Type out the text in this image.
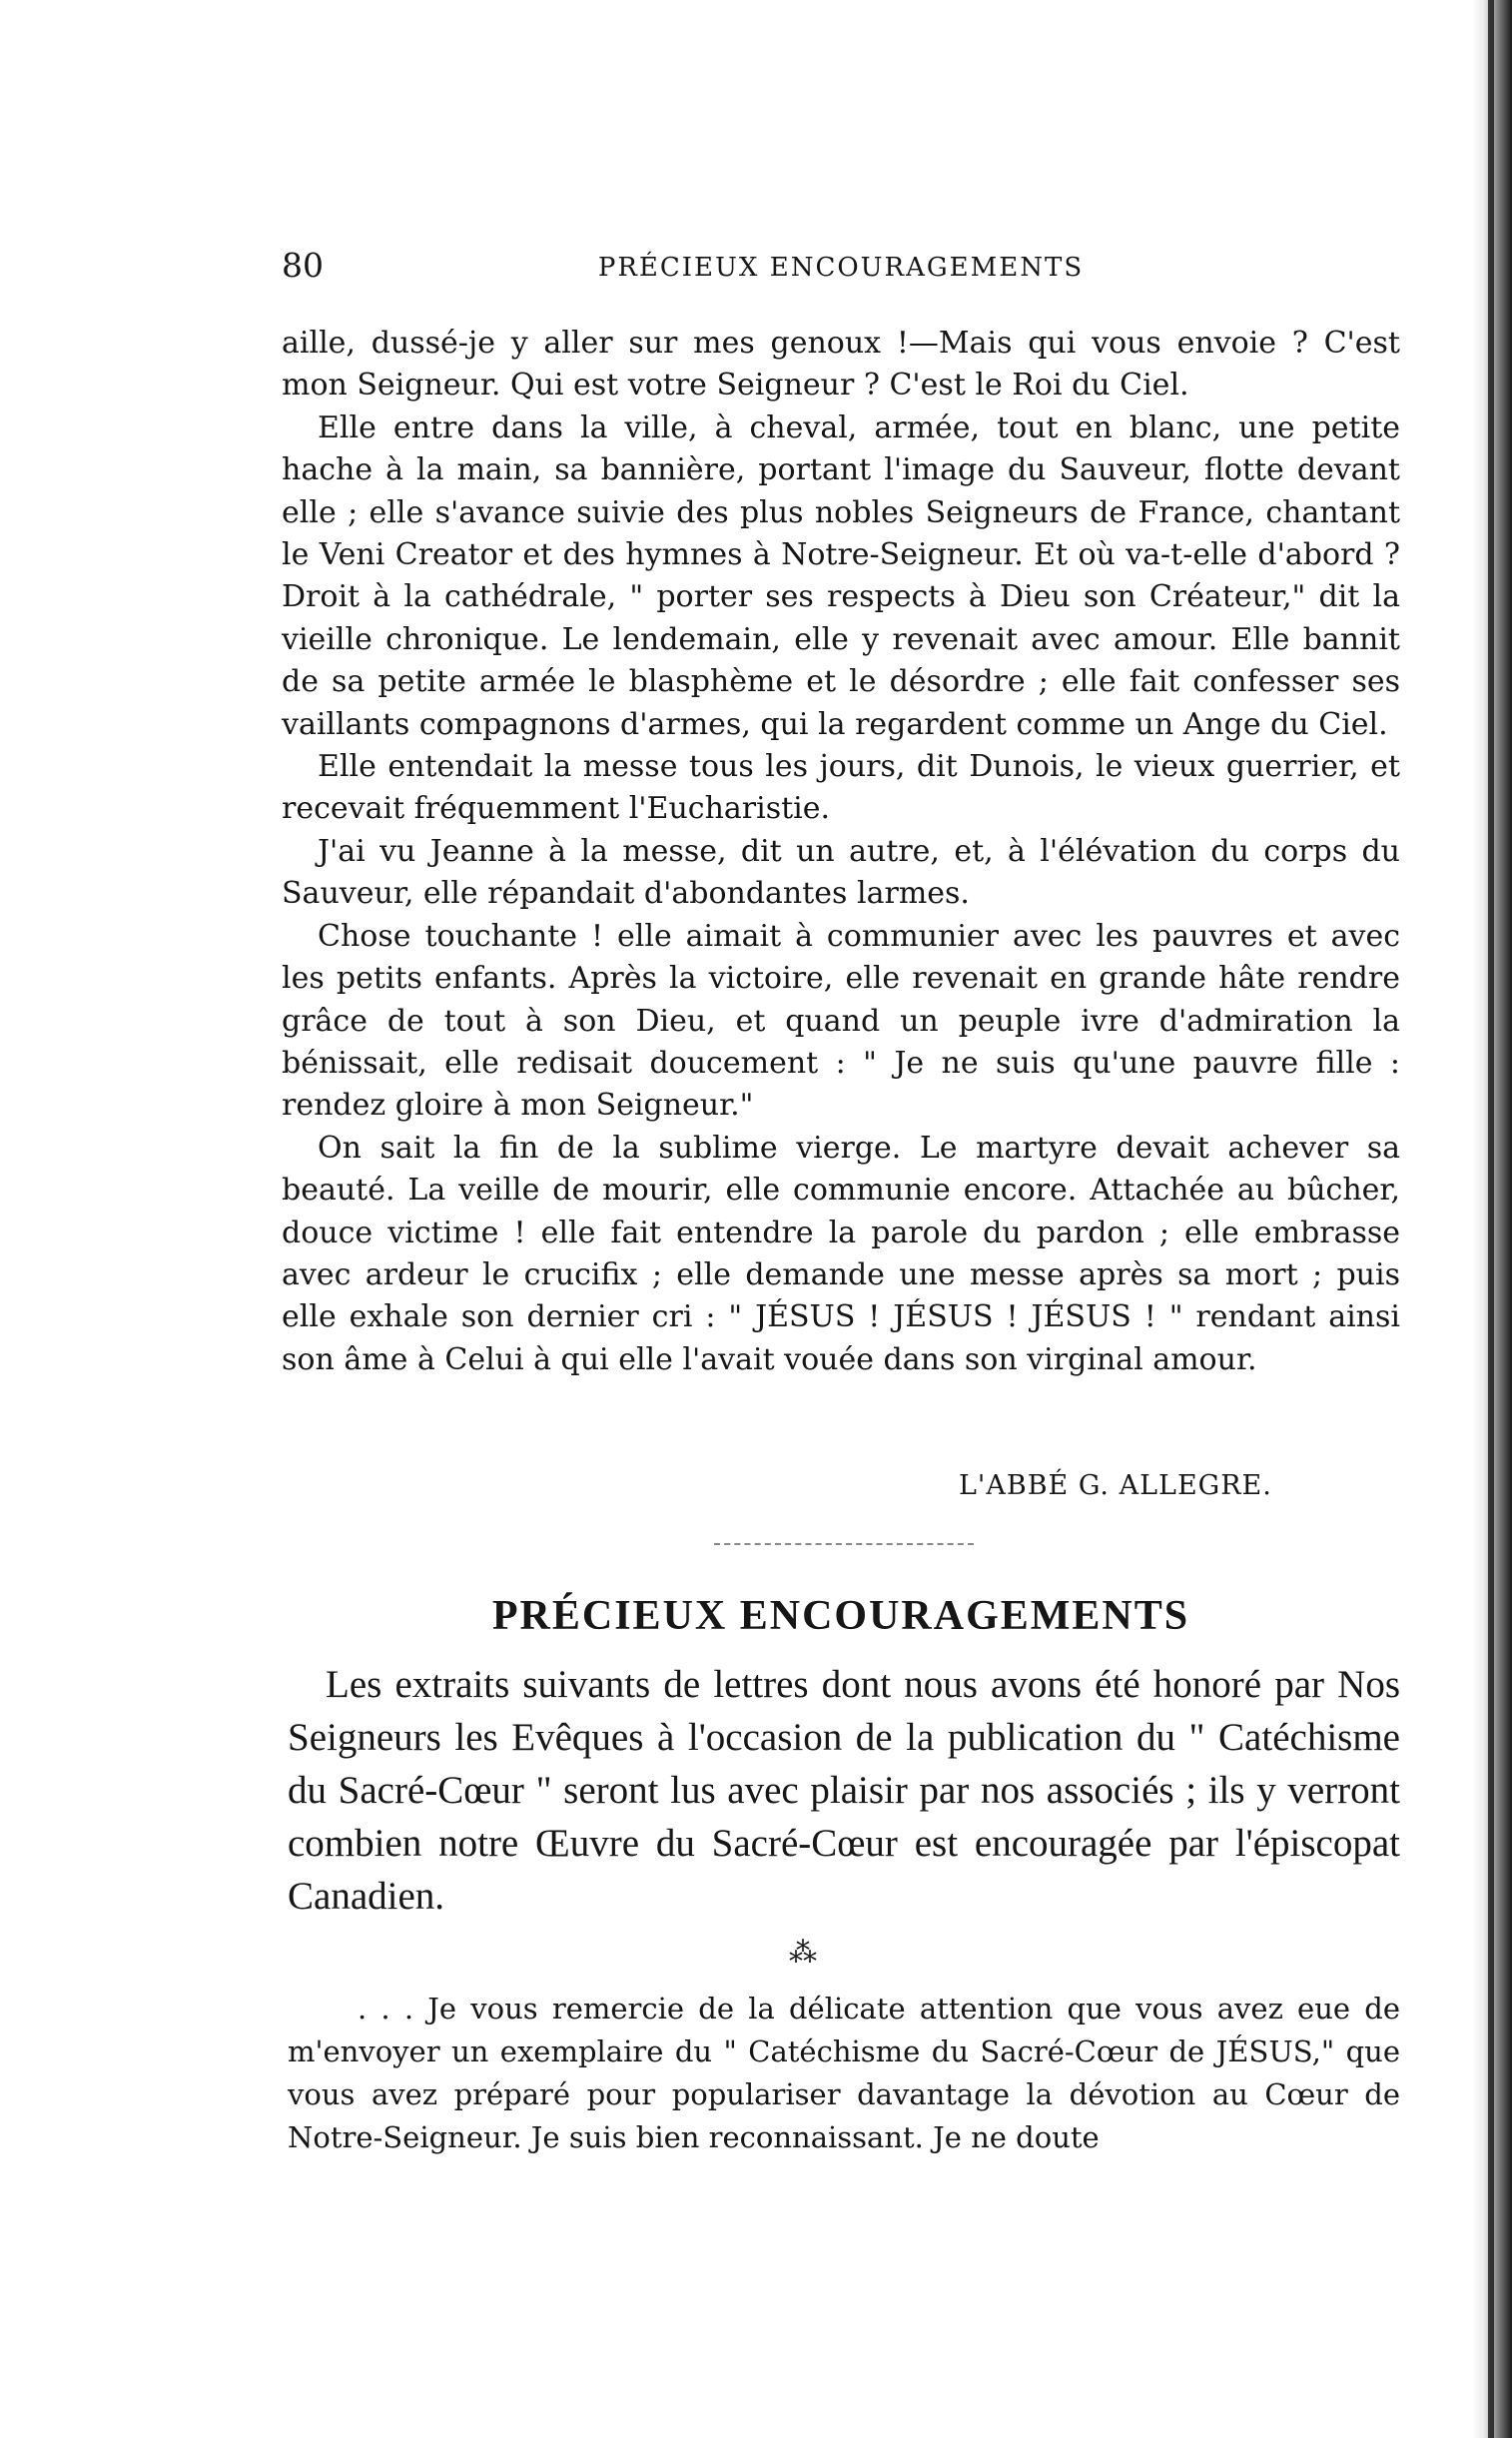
80	PRÉCIEUX ENCOURAGEMENTS

aille, dussé-je y aller sur mes genoux !—Mais qui vous envoie ? C'est mon Seigneur. Qui est votre Seigneur ? C'est le Roi du Ciel.

Elle entre dans la ville, à cheval, armée, tout en blanc, une petite hache à la main, sa bannière, portant l'image du Sauveur, flotte devant elle ; elle s'avance suivie des plus nobles Seigneurs de France, chantant le Veni Creator et des hymnes à Notre-Seigneur. Et où va-t-elle d'abord ? Droit à la cathédrale, " porter ses respects à Dieu son Créateur," dit la vieille chronique. Le lendemain, elle y revenait avec amour. Elle bannit de sa petite armée le blasphème et le désordre ; elle fait confesser ses vaillants compagnons d'armes, qui la regardent comme un Ange du Ciel.

Elle entendait la messe tous les jours, dit Dunois, le vieux guerrier, et recevait fréquemment l'Eucharistie.

J'ai vu Jeanne à la messe, dit un autre, et, à l'élévation du corps du Sauveur, elle répandait d'abondantes larmes.

Chose touchante ! elle aimait à communier avec les pauvres et avec les petits enfants. Après la victoire, elle revenait en grande hâte rendre grâce de tout à son Dieu, et quand un peuple ivre d'admiration la bénissait, elle redisait doucement : " Je ne suis qu'une pauvre fille : rendez gloire à mon Seigneur."

On sait la fin de la sublime vierge. Le martyre devait achever sa beauté. La veille de mourir, elle communie encore. Attachée au bûcher, douce victime ! elle fait entendre la parole du pardon ; elle embrasse avec ardeur le crucifix ; elle demande une messe après sa mort ; puis elle exhale son dernier cri : " JÉSUS ! JÉSUS ! JÉSUS ! " rendant ainsi son âme à Celui à qui elle l'avait vouée dans son virginal amour.

L'ABBÉ G. ALLEGRE.
PRÉCIEUX ENCOURAGEMENTS

Les extraits suivants de lettres dont nous avons été honoré par Nos Seigneurs les Evêques à l'occasion de la publication du " Catéchisme du Sacré-Cœur " seront lus avec plaisir par nos associés ; ils y verront combien notre Œuvre du Sacré-Cœur est encouragée par l'épiscopat Canadien.

⁂

. . . Je vous remercie de la délicate attention que vous avez eue de m'envoyer un exemplaire du " Catéchisme du Sacré-Cœur de JÉSUS," que vous avez préparé pour populariser davantage la dévotion au Cœur de Notre-Seigneur. Je suis bien reconnaissant. Je ne doute
